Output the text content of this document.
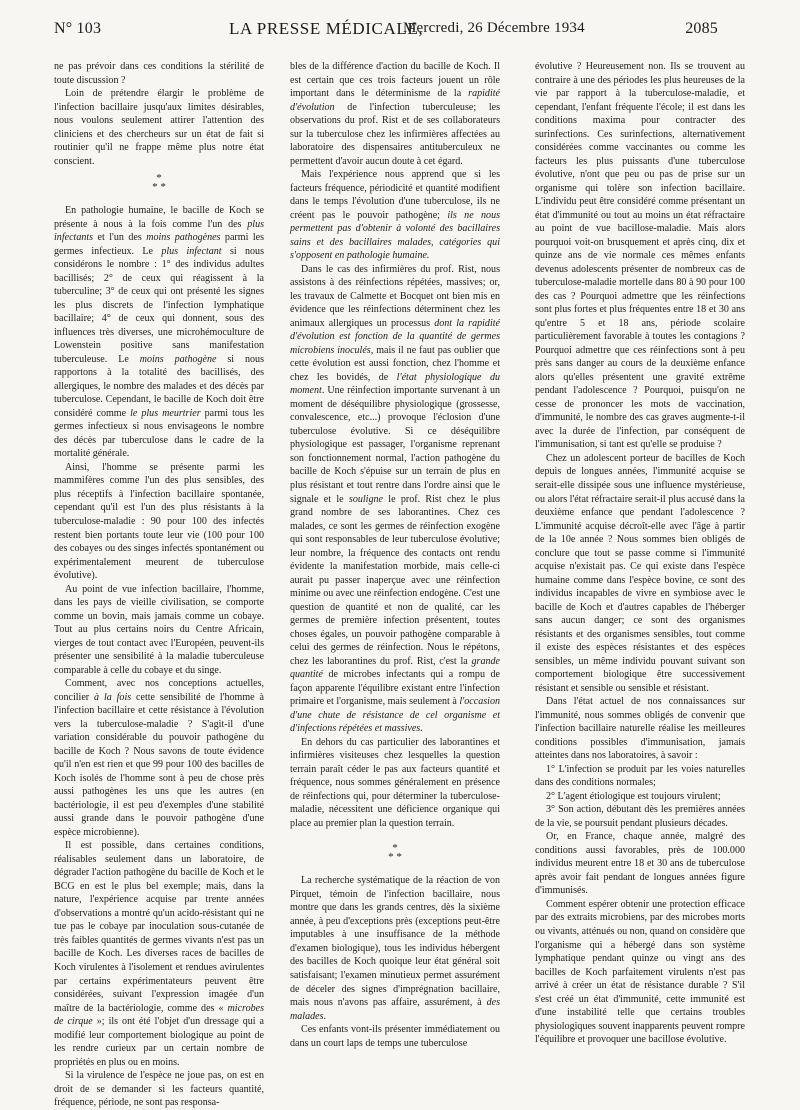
N° 103	LA PRESSE MÉDICALE,
Mercredi, 26 Décembre 1934	2085

ne pas prévoir dans ces conditions la stérilité de toute discussion ?

Loin de prétendre élargir le problème de l'infection bacillaire jusqu'aux limites désirables, nous voulons seulement attirer l'attention des cliniciens et des chercheurs sur un état de fait si routinier qu'il ne frappe même plus notre état conscient.

*
* *

En pathologie humaine, le bacille de Koch se présente à nous à la fois comme l'un des plus infectants et l'un des moins pathogènes parmi les germes infectieux. Le plus infectant si nous considérons le nombre : 1° des individus adultes bacillisés; 2° de ceux qui réagissent à la tuberculine; 3° de ceux qui ont présenté les signes les plus discrets de l'infection lymphatique bacillaire; 4° de ceux qui donnent, sous des influences très diverses, une microhémoculture de Lowenstein positive sans manifestation tuberculeuse. Le moins pathogène si nous rapportons à la totalité des bacillisés, des allergiques, le nombre des malades et des décès par tuberculose. Cependant, le bacille de Koch doit être considéré comme le plus meurtrier parmi tous les germes infectieux si nous envisageons le nombre des décès par tuberculose dans le cadre de la mortalité générale.

Ainsi, l'homme se présente parmi les mammifères comme l'un des plus sensibles, des plus réceptifs à l'infection bacillaire spontanée, cependant qu'il est l'un des plus résistants à la tuberculose-maladie : 90 pour 100 des infectés restent bien portants toute leur vie (100 pour 100 des cobayes ou des singes infectés spontanément ou expérimentalement meurent de tuberculose évolutive).

Au point de vue infection bacillaire, l'homme, dans les pays de vieille civilisation, se comporte comme un bovin, mais jamais comme un cobaye. Tout au plus certains noirs du Centre Africain, vierges de tout contact avec l'Européen, peuvent-ils présenter une sensibilité à la maladie tuberculeuse comparable à celle du cobaye et du singe.

Comment, avec nos conceptions actuelles, concilier à la fois cette sensibilité de l'homme à l'infection bacillaire et cette résistance à l'évolution vers la tuberculose-maladie ? S'agit-il d'une variation considérable du pouvoir pathogène du bacille de Koch ? Nous savons de toute évidence qu'il n'en est rien et que 99 pour 100 des bacilles de Koch isolés de l'homme sont à peu de chose près aussi pathogènes les uns que les autres (en bactériologie, il est peu d'exemples d'une stabilité aussi grande dans le pouvoir pathogène d'une espèce microbienne).

Il est possible, dans certaines conditions, réalisables seulement dans un laboratoire, de dégrader l'action pathogène du bacille de Koch et le BCG en est le plus bel exemple; mais, dans la nature, l'expérience acquise par trente années d'observations a montré qu'un acido-résistant qui ne tue pas le cobaye par inoculation sous-cutanée de très faibles quantités de germes vivants n'est pas un bacille de Koch. Les diverses races de bacilles de Koch virulentes à l'isolement et rendues avirulentes par certains expérimentateurs peuvent être considérées, suivant l'expression imagée d'un maître de la bactériologie, comme des « microbes de cirque »; ils ont été l'objet d'un dressage qui a modifié leur comportement biologique au point de les rendre curieux par un certain nombre de propriétés en plus ou en moins.

Si la virulence de l'espèce ne joue pas, on est en droit de se demander si les facteurs quantité, fréquence, période, ne sont pas responsa-

bles de la différence d'action du bacille de Koch. Il est certain que ces trois facteurs jouent un rôle important dans le déterminisme de la rapidité d'évolution de l'infection tuberculeuse; les observations du prof. Rist et de ses collaborateurs sur la tuberculose chez les infirmières affectées au laboratoire des dispensaires antituberculeux ne permettent d'avoir aucun doute à cet égard.

Mais l'expérience nous apprend que si les facteurs fréquence, périodicité et quantité modifient dans le temps l'évolution d'une tuberculose, ils ne créent pas le pouvoir pathogène; ils ne nous permettent pas d'obtenir à volonté des bacillaires sains et des bacillaires malades, catégories qui s'opposent en pathologie humaine.

Dans le cas des infirmières du prof. Rist, nous assistons à des réinfections répétées, massives; or, les travaux de Calmette et Bocquet ont bien mis en évidence que les réinfections déterminent chez les animaux allergiques un processus dont la rapidité d'évolution est fonction de la quantité de germes microbiens inoculés, mais il ne faut pas oublier que cette évolution est aussi fonction, chez l'homme et chez les bovidés, de l'état physiologique du moment. Une réinfection importante survenant à un moment de déséquilibre physiologique (grossesse, convalescence, etc...) provoque l'éclosion d'une tuberculose évolutive. Si ce déséquilibre physiologique est passager, l'organisme reprenant son fonctionnement normal, l'action pathogène du bacille de Koch s'épuise sur un terrain de plus en plus résistant et tout rentre dans l'ordre ainsi que le signale et le souligne le prof. Rist chez le plus grand nombre de ses laborantines. Chez ces malades, ce sont les germes de réinfection exogène qui sont responsables de leur tuberculose évolutive; leur nombre, la fréquence des contacts ont rendu évidente la manifestation morbide, mais celle-ci aurait pu passer inaperçue avec une réinfection minime ou avec une réinfection endogène. C'est une question de quantité et non de qualité, car les germes de première infection présentent, toutes choses égales, un pouvoir pathogène comparable à celui des germes de réinfection. Nous le répétons, chez les laborantines du prof. Rist, c'est la grande quantité de microbes infectants qui a rompu de façon apparente l'équilibre existant entre l'infection primaire et l'organisme, mais seulement à l'occasion d'une chute de résistance de cel organisme et d'infections répétées et massives.

En dehors du cas particulier des laborantines et infirmières visiteuses chez lesquelles la question terrain paraît céder le pas aux facteurs quantité et fréquence, nous sommes généralement en présence de réinfections qui, pour déterminer la tuberculose-maladie, nécessitent une déficience organique qui place au premier plan la question terrain.

*
* *

La recherche systématique de la réaction de von Pirquet, témoin de l'infection bacillaire, nous montre que dans les grands centres, dès la sixième année, à peu d'exceptions près (exceptions peut-être imputables à une insuffisance de la méthode d'examen biologique), tous les individus hébergent des bacilles de Koch quoique leur état général soit satisfaisant; l'examen minutieux permet assurément de déceler des signes d'imprégnation bacillaire, mais nous n'avons pas affaire, assurément, à des malades.

Ces enfants vont-ils présenter immédiatement ou dans un court laps de temps une tuberculose

évolutive ? Heureusement non. Ils se trouvent au contraire à une des périodes les plus heureuses de la vie par rapport à la tuberculose-maladie, et cependant, l'enfant fréquente l'école; il est dans les conditions maxima pour contracter des surinfections. Ces surinfections, alternativement considérées comme vaccinantes ou comme les facteurs les plus puissants d'une tuberculose évolutive, n'ont que peu ou pas de prise sur un organisme qui tolère son infection bacillaire. L'individu peut être considéré comme présentant un état d'immunité ou tout au moins un état réfractaire au point de vue bacillose-maladie. Mais alors pourquoi voit-on brusquement et après cinq, dix et quinze ans de vie normale ces mêmes enfants devenus adolescents présenter de nombreux cas de tuberculose-maladie mortelle dans 80 à 90 pour 100 des cas ? Pourquoi admettre que les réinfections sont plus fortes et plus fréquentes entre 18 et 30 ans qu'entre 5 et 18 ans, période scolaire particulièrement favorable à toutes les contagions ? Pourquoi admettre que ces réinfections sont à peu près sans danger au cours de la deuxième enfance alors qu'elles présentent une gravité extrême pendant l'adolescence ? Pourquoi, puisqu'on ne cesse de prononcer les mots de vaccination, d'immunité, le nombre des cas graves augmente-t-il avec la durée de l'infection, par conséquent de l'immunisation, si tant est qu'elle se produise ?

Chez un adolescent porteur de bacilles de Koch depuis de longues années, l'immunité acquise se serait-elle dissipée sous une influence mystérieuse, ou alors l'état réfractaire serait-il plus accusé dans la deuxième enfance que pendant l'adolescence ? L'immunité acquise décroît-elle avec l'âge à partir de la 10e année ? Nous sommes bien obligés de conclure que tout se passe comme si l'immunité acquise n'existait pas. Ce qui existe dans l'espèce humaine comme dans l'espèce bovine, ce sont des individus incapables de vivre en symbiose avec le bacille de Koch et d'autres capables de l'héberger sans aucun danger; ce sont des organismes résistants et des organismes sensibles, tout comme il existe des espèces résistantes et des espèces sensibles, un même individu pouvant suivant son comportement biologique être successivement résistant et sensible ou sensible et résistant.

Dans l'état actuel de nos connaissances sur l'immunité, nous sommes obligés de convenir que l'infection bacillaire naturelle réalise les meilleures conditions possibles d'immunisation, jamais atteintes dans nos laboratoires, à savoir :

1° L'infection se produit par les voies naturelles dans des conditions normales;

2° L'agent étiologique est toujours virulent;

3° Son action, débutant dès les premières années de la vie, se poursuit pendant plusieurs décades.

Or, en France, chaque année, malgré des conditions aussi favorables, près de 100.000 individus meurent entre 18 et 30 ans de tuberculose après avoir fait pendant de longues années figure d'immunisés.

Comment espérer obtenir une protection efficace par des extraits microbiens, par des microbes morts ou vivants, atténués ou non, quand on considère que l'organisme qui a hébergé dans son système lymphatique pendant quinze ou vingt ans des bacilles de Koch parfaitement virulents n'est pas arrivé à créer un état de résistance durable ? S'il s'est créé un état d'immunité, cette immunité est d'une instabilité telle que certains troubles physiologiques souvent inapparents peuvent rompre l'équilibre et provoquer une bacillose évolutive.
